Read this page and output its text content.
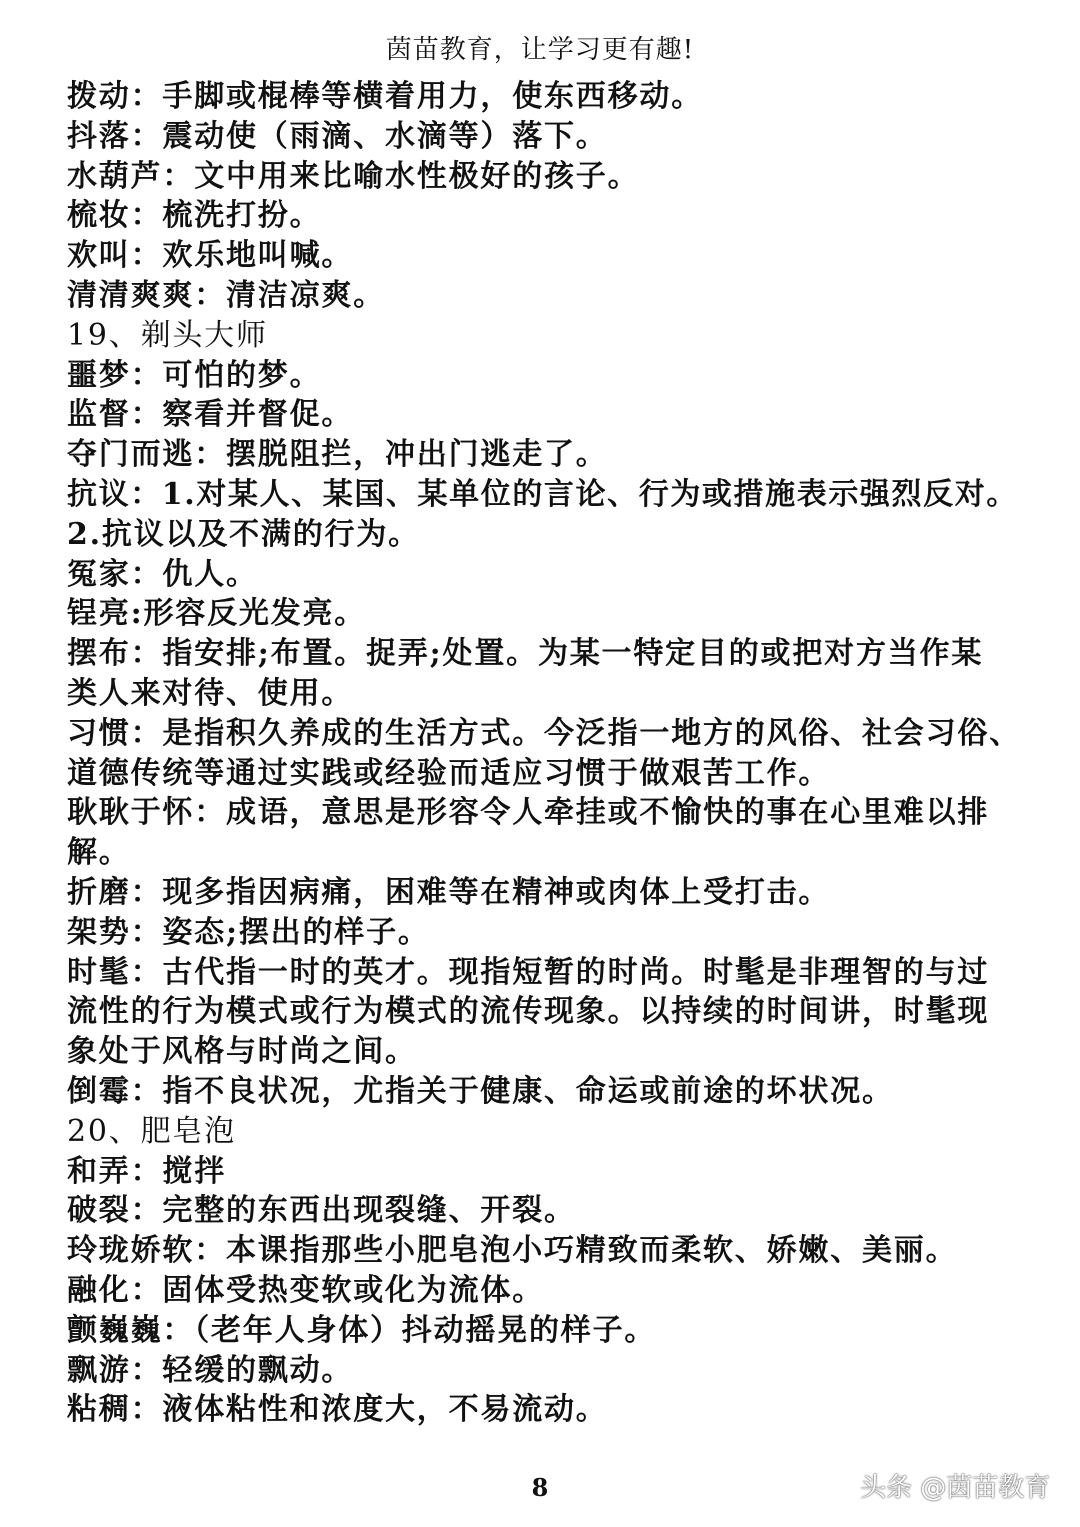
茵苗教育，让学习更有趣!
拨动：手脚或棍棒等横着用力，使东西移动。
抖落：震动使（雨滴、水滴等）落下。
水葫芦：文中用来比喻水性极好的孩子。
梳妆：梳洗打扮。
欢叫：欢乐地叫喊。
清清爽爽：清洁凉爽。
19、剃头大师
噩梦：可怕的梦。
监督：察看并督促。
夺门而逃：摆脱阻拦，冲出门逃走了。
抗议：1.对某人、某国、某单位的言论、行为或措施表示强烈反对。
2.抗议以及不满的行为。
冤家：仇人。
锃亮:形容反光发亮。
摆布：指安排;布置。捉弄;处置。为某一特定目的或把对方当作某
类人来对待、使用。
习惯：是指积久养成的生活方式。今泛指一地方的风俗、社会习俗、
道德传统等通过实践或经验而适应习惯于做艰苦工作。
耿耿于怀：成语，意思是形容令人牵挂或不愉快的事在心里难以排
解。
折磨：现多指因病痛，困难等在精神或肉体上受打击。
架势：姿态;摆出的样子。
时髦：古代指一时的英才。现指短暂的时尚。时髦是非理智的与过
流性的行为模式或行为模式的流传现象。以持续的时间讲，时髦现
象处于风格与时尚之间。
倒霉：指不良状况，尤指关于健康、命运或前途的坏状况。
20、肥皂泡
和弄：搅拌
破裂：完整的东西出现裂缝、开裂。
玲珑娇软：本课指那些小肥皂泡小巧精致而柔软、娇嫩、美丽。
融化：固体受热变软或化为流体。
颤巍巍：（老年人身体）抖动摇晃的样子。
飘游：轻缓的飘动。
粘稠：液体粘性和浓度大，不易流动。
8	头条 @茵苗教育
